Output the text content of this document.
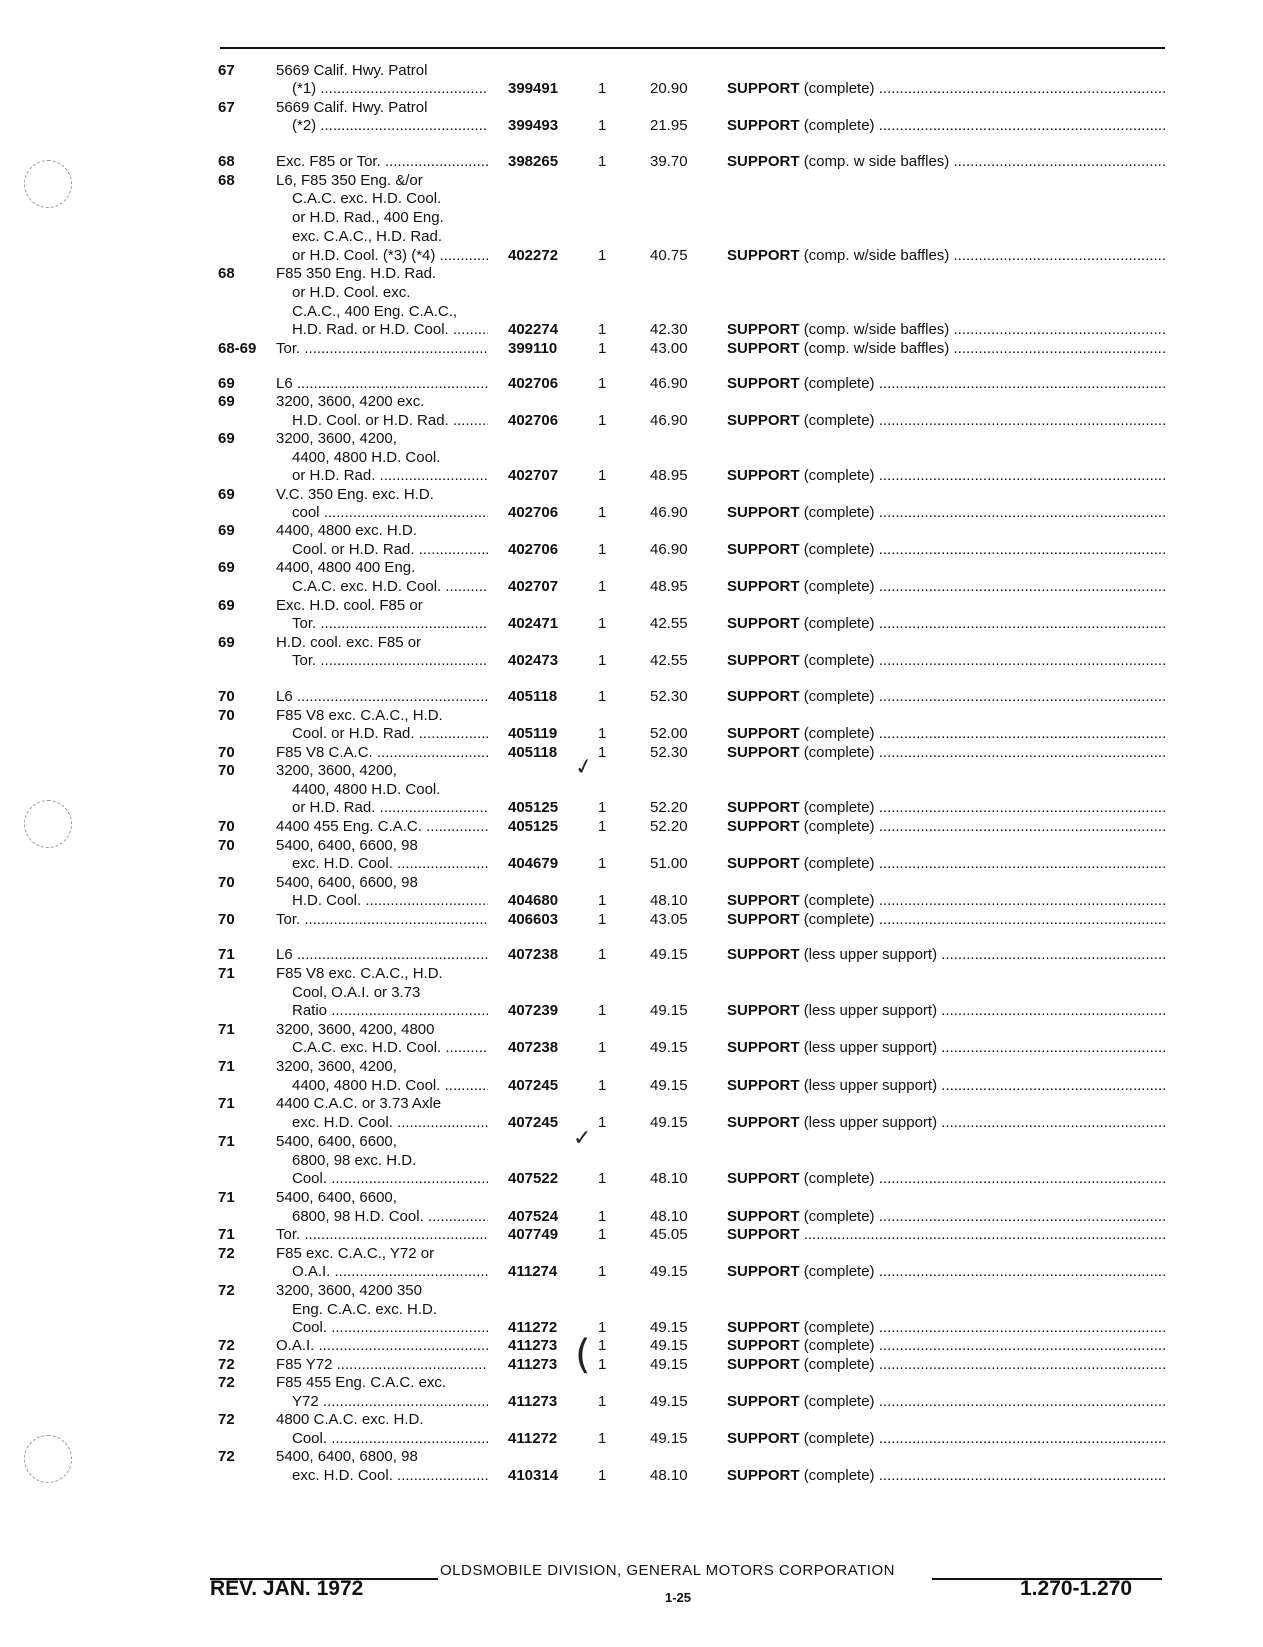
67	5669 Calif. Hwy. Patrol
(*1) .....	399491	1	20.90	SUPPORT (complete) .....
67	5669 Calif. Hwy. Patrol
(*2) .....	399493	1	21.95	SUPPORT (complete) .....
68	Exc. F85 or Tor. .....	398265	1	39.70	SUPPORT (comp. w side baffles) .....
68	L6, F85 350 Eng. &/or
C.A.C. exc. H.D. Cool.
or H.D. Rad., 400 Eng.
exc. C.A.C., H.D. Rad.
or H.D. Cool. (*3) (*4) .....	402272	1	40.75	SUPPORT (comp. w/side baffles) .....
68	F85 350 Eng. H.D. Rad.
or H.D. Cool. exc.
C.A.C., 400 Eng. C.A.C.,
H.D. Rad. or H.D. Cool. .....	402274	1	42.30	SUPPORT (comp. w/side baffles) .....
68-69 Tor. .....	399110	1	43.00	SUPPORT (comp. w/side baffles) .....
69	L6 .....	402706	1	46.90	SUPPORT (complete) .....
69	3200, 3600, 4200 exc.
H.D. Cool. or H.D. Rad. .....	402706	1	46.90	SUPPORT (complete) .....
69	3200, 3600, 4200,
4400, 4800 H.D. Cool.
or H.D. Rad. .....	402707	1	48.95	SUPPORT (complete) .....
69	V.C. 350 Eng. exc. H.D.
cool .....	402706	1	46.90	SUPPORT (complete) .....
69	4400, 4800 exc. H.D.
Cool. or H.D. Rad. .....	402706	1	46.90	SUPPORT (complete) .....
69	4400, 4800 400 Eng.
C.A.C. exc. H.D. Cool. .....	402707	1	48.95	SUPPORT (complete) .....
69	Exc. H.D. cool. F85 or
Tor. .....	402471	1	42.55	SUPPORT (complete) .....
69	H.D. cool. exc. F85 or
Tor. .....	402473	1	42.55	SUPPORT (complete) .....
70	L6 .....	405118	1	52.30	SUPPORT (complete) .....
70	F85 V8 exc. C.A.C., H.D.
Cool. or H.D. Rad. .....	405119	1	52.00	SUPPORT (complete) .....
70	F85 V8 C.A.C. .....	405118	1	52.30	SUPPORT (complete) .....
70	3200, 3600, 4200,
4400, 4800 H.D. Cool.
or H.D. Rad. .....	405125	1	52.20	SUPPORT (complete) .....
70	4400 455 Eng. C.A.C. .....	405125	1	52.20	SUPPORT (complete) .....
70	5400, 6400, 6600, 98
exc. H.D. Cool. .....	404679	1	51.00	SUPPORT (complete) .....
70	5400, 6400, 6600, 98
H.D. Cool. .....	404680	1	48.10	SUPPORT (complete) .....
70	Tor. .....	406603	1	43.05	SUPPORT (complete) .....
71	L6 .....	407238	1	49.15	SUPPORT (less upper support) .....
71	F85 V8 exc. C.A.C., H.D.
Cool, O.A.I. or 3.73
Ratio .....	407239	1	49.15	SUPPORT (less upper support) .....
71	3200, 3600, 4200, 4800
C.A.C. exc. H.D. Cool. .....	407238	1	49.15	SUPPORT (less upper support) .....
71	3200, 3600, 4200,
4400, 4800 H.D. Cool. .....	407245	1	49.15	SUPPORT (less upper support) .....
71	4400 C.A.C. or 3.73 Axle
exc. H.D. Cool. .....	407245	1	49.15	SUPPORT (less upper support) .....
71	5400, 6400, 6600,
6800, 98 exc. H.D.
Cool. .....	407522	1	48.10	SUPPORT (complete) .....
71	5400, 6400, 6600,
6800, 98 H.D. Cool. .....	407524	1	48.10	SUPPORT (complete) .....
71	Tor. .....	407749	1	45.05	SUPPORT .....
72	F85 exc. C.A.C., Y72 or
O.A.I. .....	411274	1	49.15	SUPPORT (complete) .....
72	3200, 3600, 4200 350
Eng. C.A.C. exc. H.D.
Cool. .....	411272	1	49.15	SUPPORT (complete) .....
72	O.A.I. .....	411273	1	49.15	SUPPORT (complete) .....
72	F85 Y72 .....	411273	1	49.15	SUPPORT (complete) .....
72	F85 455 Eng. C.A.C. exc.
Y72 .....	411273	1	49.15	SUPPORT (complete) .....
72	4800 C.A.C. exc. H.D.
Cool. .....	411272	1	49.15	SUPPORT (complete) .....
72	5400, 6400, 6800, 98
exc. H.D. Cool. .....	410314	1	48.10	SUPPORT (complete) .....
✓
✓
(
OLDSMOBILE DIVISION, GENERAL MOTORS CORPORATION
REV. JAN. 1972	1-25	1.270-1.270
